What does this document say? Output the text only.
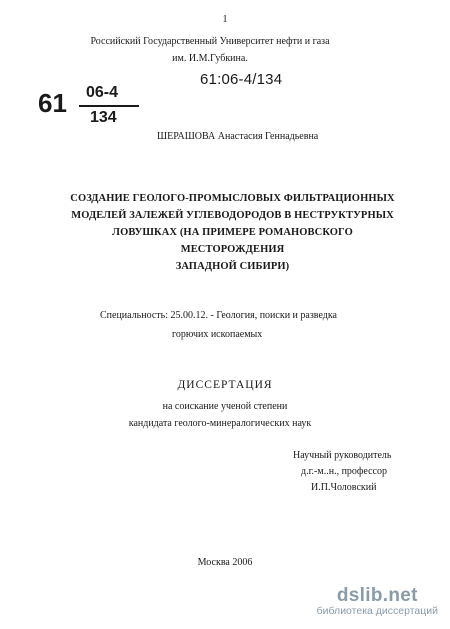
1
Российский Государственный Университет нефти и газа
им. И.М.Губкина.
61:06-4/134
61 06-4
134
ШЕРАШОВА Анастасия Геннадьевна
СОЗДАНИЕ ГЕОЛОГО-ПРОМЫСЛОВЫХ ФИЛЬТРАЦИОННЫХ
МОДЕЛЕЙ ЗАЛЕЖЕЙ УГЛЕВОДОРОДОВ В НЕСТРУКТУРНЫХ
ЛОВУШКАХ (НА ПРИМЕРЕ РОМАНОВСКОГО МЕСТОРОЖДЕНИЯ
ЗАПАДНОЙ СИБИРИ)
Специальность: 25.00.12. - Геология, поиски и разведка
горючих ископаемых
ДИССЕРТАЦИЯ
на соискание ученой степени
кандидата геолого-минералогических наук
Научный руководитель
д.г.-м..н., профессор
И.П.Чоловский
Москва 2006
dslib.net
библиотека диссертаций
